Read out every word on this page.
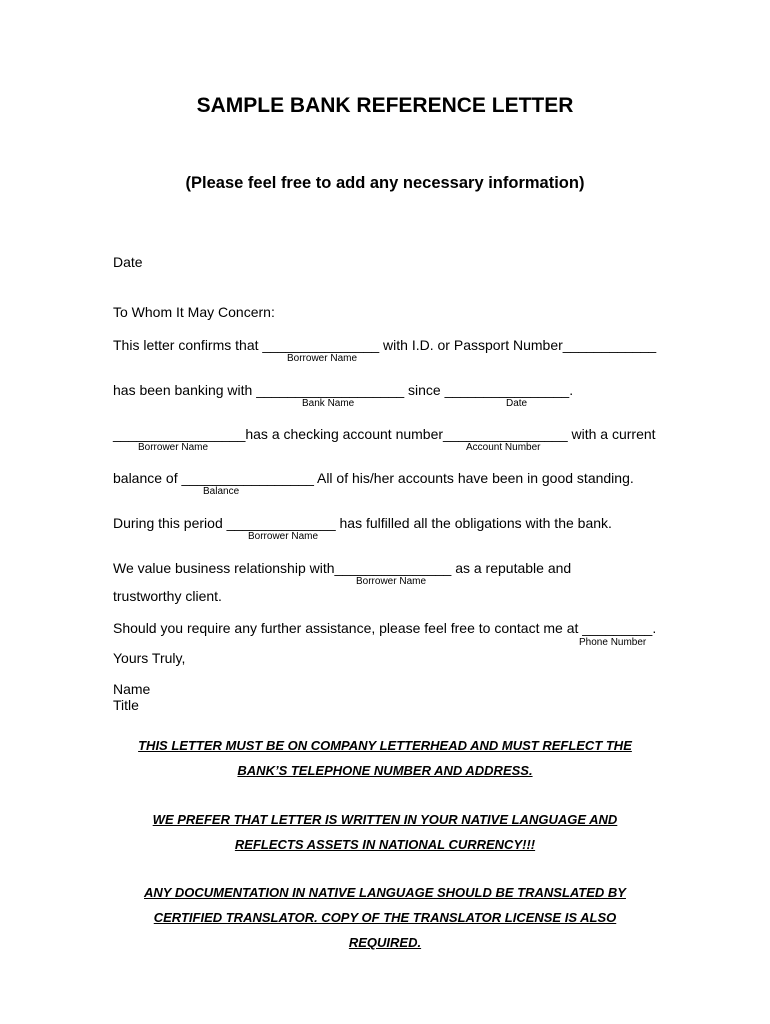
SAMPLE BANK REFERENCE LETTER
(Please feel free to add any necessary information)
Date
To Whom It May Concern:
This letter confirms that _______________ with I.D. or Passport Number____________
Borrower Name
has been banking with ___________________ since ________________.
Bank Name	Date
_________________has a checking account number________________ with a current
Borrower Name	Account Number
balance of _________________ All of his/her accounts have been in good standing.
Balance
During this period ______________ has fulfilled all the obligations with the bank.
Borrower Name
We value business relationship with_______________ as a reputable and
Borrower Name
trustworthy client.
Should you require any further assistance, please feel free to contact me at _________.
Phone Number
Yours Truly,
Name
Title
THIS LETTER MUST BE ON COMPANY LETTERHEAD AND MUST REFLECT THE
BANK’S TELEPHONE NUMBER AND ADDRESS.
WE PREFER THAT LETTER IS WRITTEN IN YOUR NATIVE LANGUAGE AND
REFLECTS ASSETS IN NATIONAL CURRENCY!!!
ANY DOCUMENTATION IN NATIVE LANGUAGE SHOULD BE TRANSLATED BY
CERTIFIED TRANSLATOR. COPY OF THE TRANSLATOR LICENSE IS ALSO
REQUIRED.
